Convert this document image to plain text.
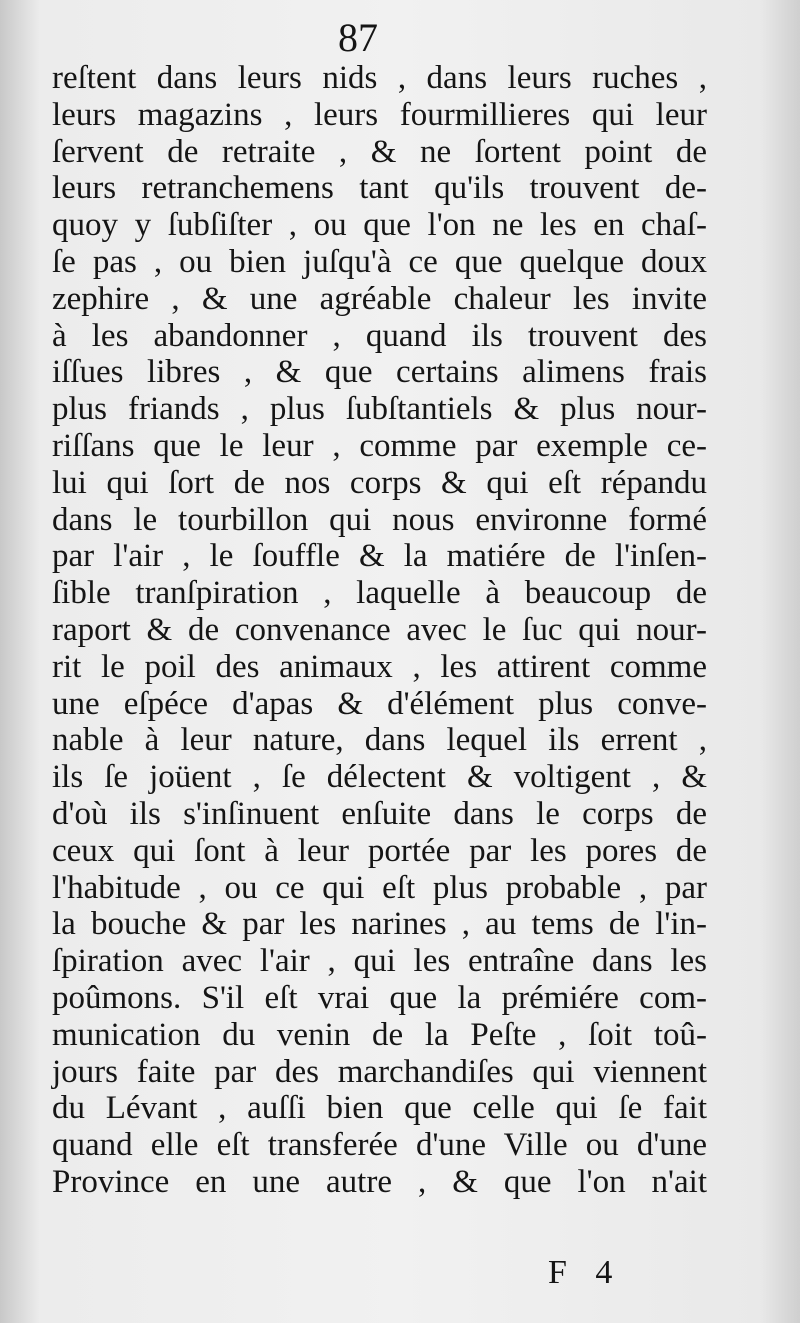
87
reſtent dans leurs nids , dans leurs ruches ,
leurs magazins , leurs fourmillieres qui leur
ſervent de retraite , & ne ſortent point de
leurs retranchemens tant qu'ils trouvent de-
quoy y ſubſiſter , ou que l'on ne les en chaſ-
ſe pas , ou bien juſqu'à ce que quelque doux
zephire , & une agréable chaleur les invite
à les abandonner , quand ils trouvent des
iſſues libres , & que certains alimens frais
plus friands , plus ſubſtantiels & plus nour-
riſſans que le leur , comme par exemple ce-
lui qui ſort de nos corps & qui eſt répandu
dans le tourbillon qui nous environne formé
par l'air , le ſouffle & la matiére de l'inſen-
ſible tranſpiration , laquelle à beaucoup de
raport & de convenance avec le ſuc qui nour-
rit le poil des animaux , les attirent comme
une eſpéce d'apas & d'élément plus conve-
nable à leur nature, dans lequel ils errent ,
ils ſe joüent , ſe délectent & voltigent , &
d'où ils s'inſinuent enſuite dans le corps de
ceux qui ſont à leur portée par les pores de
l'habitude , ou ce qui eſt plus probable , par
la bouche & par les narines , au tems de l'in-
ſpiration avec l'air , qui les entraîne dans les
poûmons. S'il eſt vrai que la prémiére com-
munication du venin de la Peſte , ſoit toû-
jours faite par des marchandiſes qui viennent
du Lévant , auſſi bien que celle qui ſe fait
quand elle eſt transferée d'une Ville ou d'une
Province en une autre , & que l'on n'ait
F 4
